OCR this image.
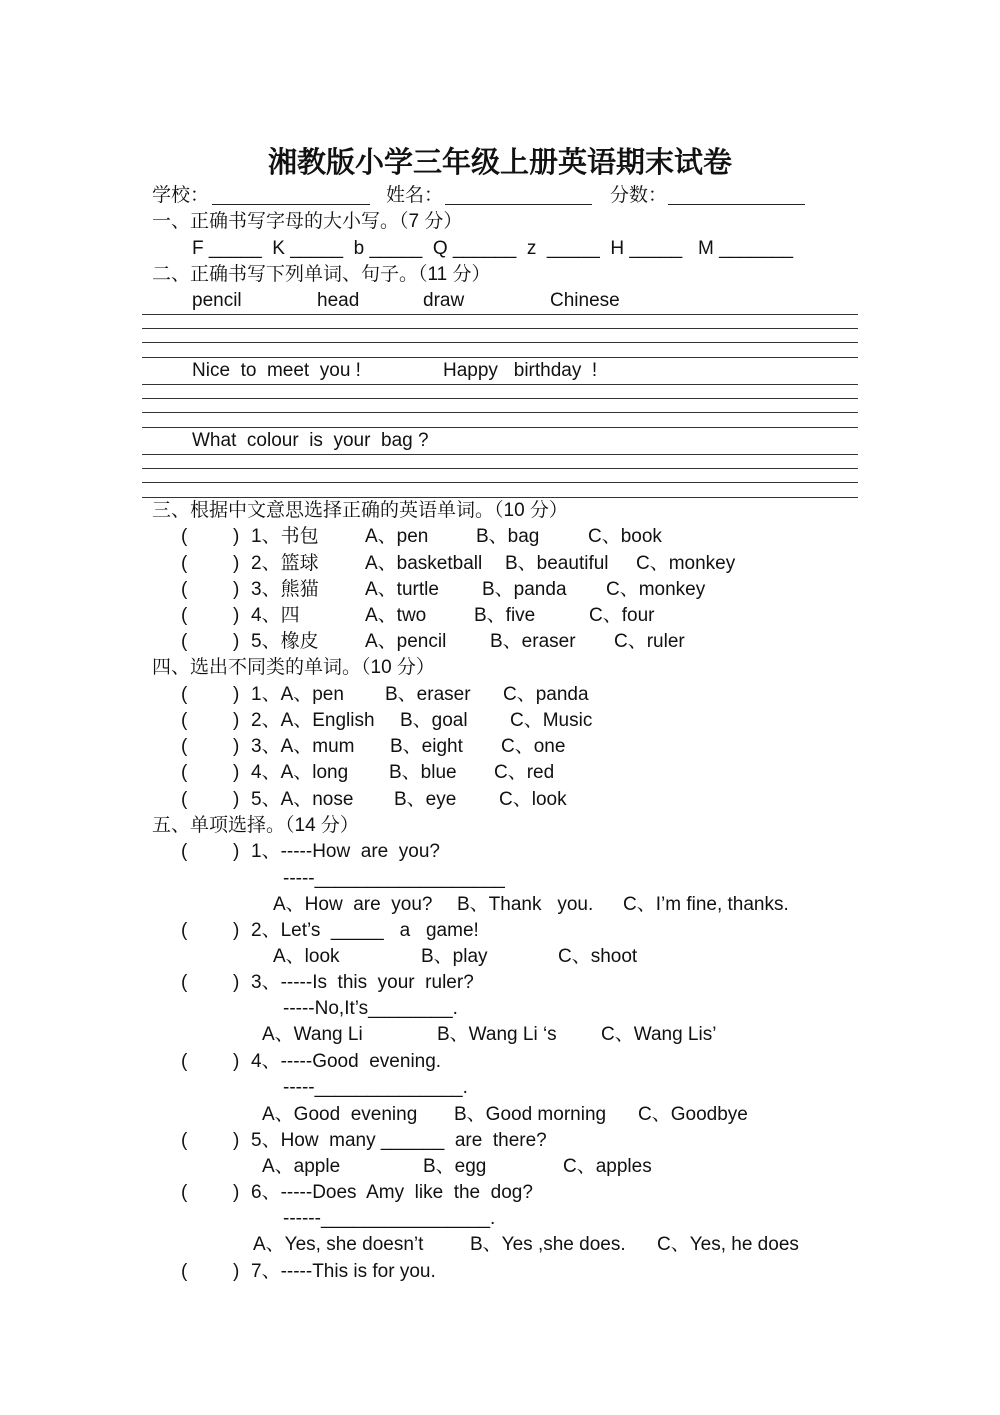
湘教版小学三年级上册英语期末试卷
学校：	姓名：	分数：
一、正确书写字母的大小写。（7 分）
F _____  K _____  b _____  Q ______  z  _____  H _____   M _______
二、正确书写下列单词、句子。（11 分）
pencil	head	draw	Chinese
Nice  to  meet  you !	Happy   birthday  !
What  colour  is  your  bag ?
三、根据中文意思选择正确的英语单词。（10 分）
( ) 1、书包 A、pen	B、bag	C、book
( ) 2、篮球 A、basketball B、beautiful C、monkey
( ) 3、熊猫 A、turtle B、panda C、monkey
( ) 4、四	A、two	B、five	C、four
( ) 5、橡皮 A、pencil B、eraser C、ruler
四、选出不同类的单词。（10 分）
( ) 1、A、pen B、eraser C、panda
( ) 2、A、English B、goal C、Music
( ) 3、A、mum B、eight C、one
( ) 4、A、long B、blue C、red
( ) 5、A、nose B、eye C、look
五、单项选择。（14 分）
( ) 1、-----How  are  you?
-----__________________
A、How  are  you? B、Thank   you. C、I’m fine, thanks.
( ) 2、Let’s  _____   a   game!
A、look	B、play	C、shoot
( ) 3、-----Is  this  your  ruler?
-----No,It’s________.
A、Wang Li	B、Wang Li ‘s C、Wang Lis’
( ) 4、-----Good  evening.
-----______________.
A、Good  evening B、Good morning C、Goodbye
( ) 5、How  many ______  are  there?
A、apple	B、egg	C、apples
( ) 6、-----Does  Amy  like  the  dog?
------________________.
A、Yes, she doesn’t B、Yes ,she does. C、Yes, he does
( ) 7、-----This is for you.
